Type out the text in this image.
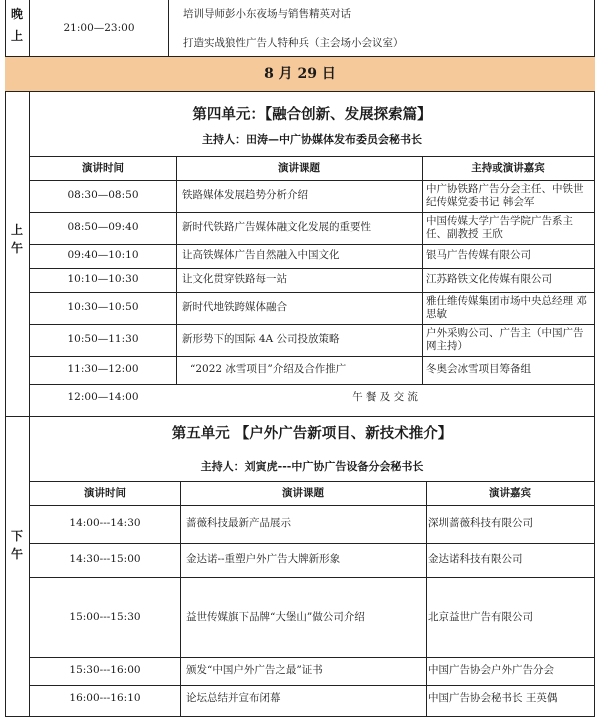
晚
上
21:00—23:00
培训导师彭小东夜场与销售精英对话
打造实战狼性广告人特种兵（主会场小会议室）
8 月 29 日
第四单元：【融合创新、发展探索篇】
主持人：田涛—中广协媒体发布委员会秘书长
上
午
演讲时间	演讲课题	主持或演讲嘉宾
08:30—08:50	铁路媒体发展趋势分析介绍	中广协铁路广告分会主任、中铁世纪传媒党委书记 韩会军
08:50—09:40	新时代铁路广告媒体融文化发展的重要性	中国传媒大学广告学院广告系主任、副教授 王欣
09:40—10:10	让高铁媒体广告自然融入中国文化	银马广告传媒有限公司
10:10—10:30	让文化贯穿铁路每一站	江苏路铁文化传媒有限公司
10:30—10:50	新时代地铁跨媒体融合	雅仕维传媒集团市场中央总经理 邓思敏
10:50—11:30	新形势下的国际 4A 公司投放策略	户外采购公司、广告主（中国广告网主持）
11:30—12:00	“2022 冰雪项目”介绍及合作推广	冬奥会冰雪项目筹备组
12:00—14:00	午 餐 及 交 流
第五单元 【户外广告新项目、新技术推介】
主持人：刘寅虎---中广协广告设备分会秘书长
下
午
演讲时间	演讲课题	演讲嘉宾
14:00---14:30	蔷薇科技最新产品展示	深圳蔷薇科技有限公司
14:30---15:00	金达诺--重塑户外广告大牌新形象	金达诺科技有限公司
15:00---15:30	益世传媒旗下品牌“大堡山”做公司介绍	北京益世广告有限公司
15:30---16:00	颁发“中国户外广告之最”证书	中国广告协会户外广告分会
16:00---16:10	论坛总结并宣布闭幕	中国广告协会秘书长 王英偶
